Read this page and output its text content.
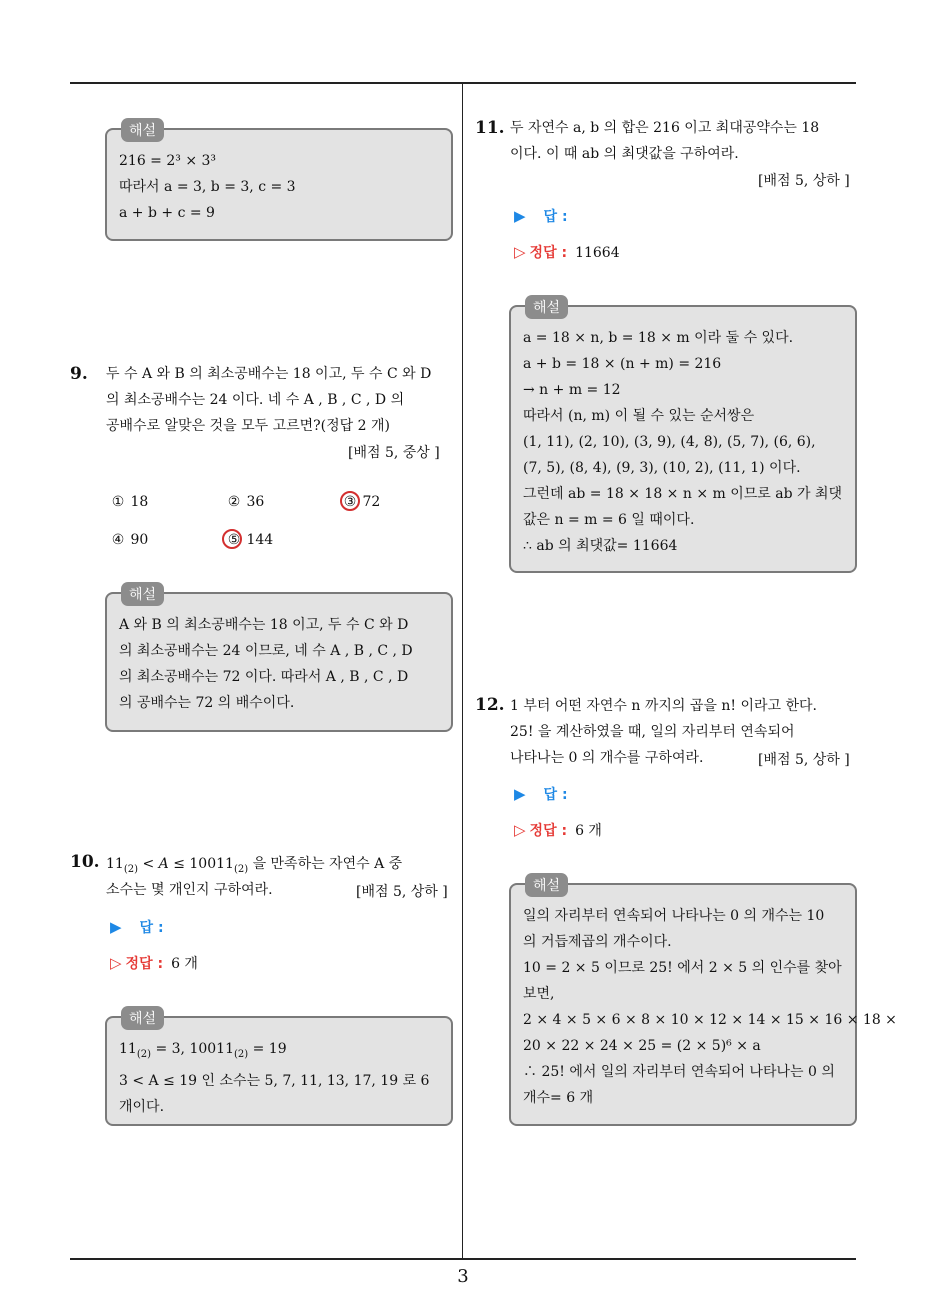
해설
216 = 2³ × 3³
따라서 a = 3, b = 3, c = 3
a + b + c = 9
9. 두 수 A 와 B 의 최소공배수는 18 이고, 두 수 C 와 D
의 최소공배수는 24 이다. 네 수 A , B , C , D 의
공배수로 알맞은 것을 모두 고르면?(정답 2 개)
[배점 5, 중상 ]
① 18	② 36	③ 72
④ 90	⑤ 144
해설
A 와 B 의 최소공배수는 18 이고, 두 수 C 와 D
의 최소공배수는 24 이므로, 네 수 A , B , C , D
의 최소공배수는 72 이다. 따라서 A , B , C , D
의 공배수는 72 의 배수이다.
10. $11_{(2)} < A \le 10011_{(2)}$ 을 만족하는 자연수 A 중
소수는 몇 개인지 구하여라.	[배점 5, 상하 ]
▶ 답 :
▷ 정답 : 6 개
해설
$11_{(2)} = 3$, $10011_{(2)} = 19$
3 < A ≤ 19 인 소수는 5, 7, 11, 13, 17, 19 로 6
개이다.
11. 두 자연수 a, b 의 합은 216 이고 최대공약수는 18
이다. 이 때 ab 의 최댓값을 구하여라.
[배점 5, 상하 ]
▶ 답 :
▷ 정답 : 11664
해설
a = 18 × n, b = 18 × m 이라 둘 수 있다.
a + b = 18 × (n + m) = 216
→ n + m = 12
따라서 (n, m) 이 될 수 있는 순서쌍은
(1, 11), (2, 10), (3, 9), (4, 8), (5, 7), (6, 6),
(7, 5), (8, 4), (9, 3), (10, 2), (11, 1) 이다.
그런데 ab = 18 × 18 × n × m 이므로 ab 가 최댓
값은 n = m = 6 일 때이다.
∴ ab 의 최댓값= 11664
12. 1 부터 어떤 자연수 n 까지의 곱을 n! 이라고 한다.
25! 을 계산하였을 때, 일의 자리부터 연속되어
나타나는 0 의 개수를 구하여라.	[배점 5, 상하 ]
▶ 답 :
▷ 정답 : 6 개
해설
일의 자리부터 연속되어 나타나는 0 의 개수는 10
의 거듭제곱의 개수이다.
10 = 2 × 5 이므로 25! 에서 2 × 5 의 인수를 찾아
보면,
2 × 4 × 5 × 6 × 8 × 10 × 12 × 14 × 15 × 16 × 18 ×
20 × 22 × 24 × 25 = (2 × 5)⁶ × a
∴ 25! 에서 일의 자리부터 연속되어 나타나는 0 의
개수= 6 개
3
